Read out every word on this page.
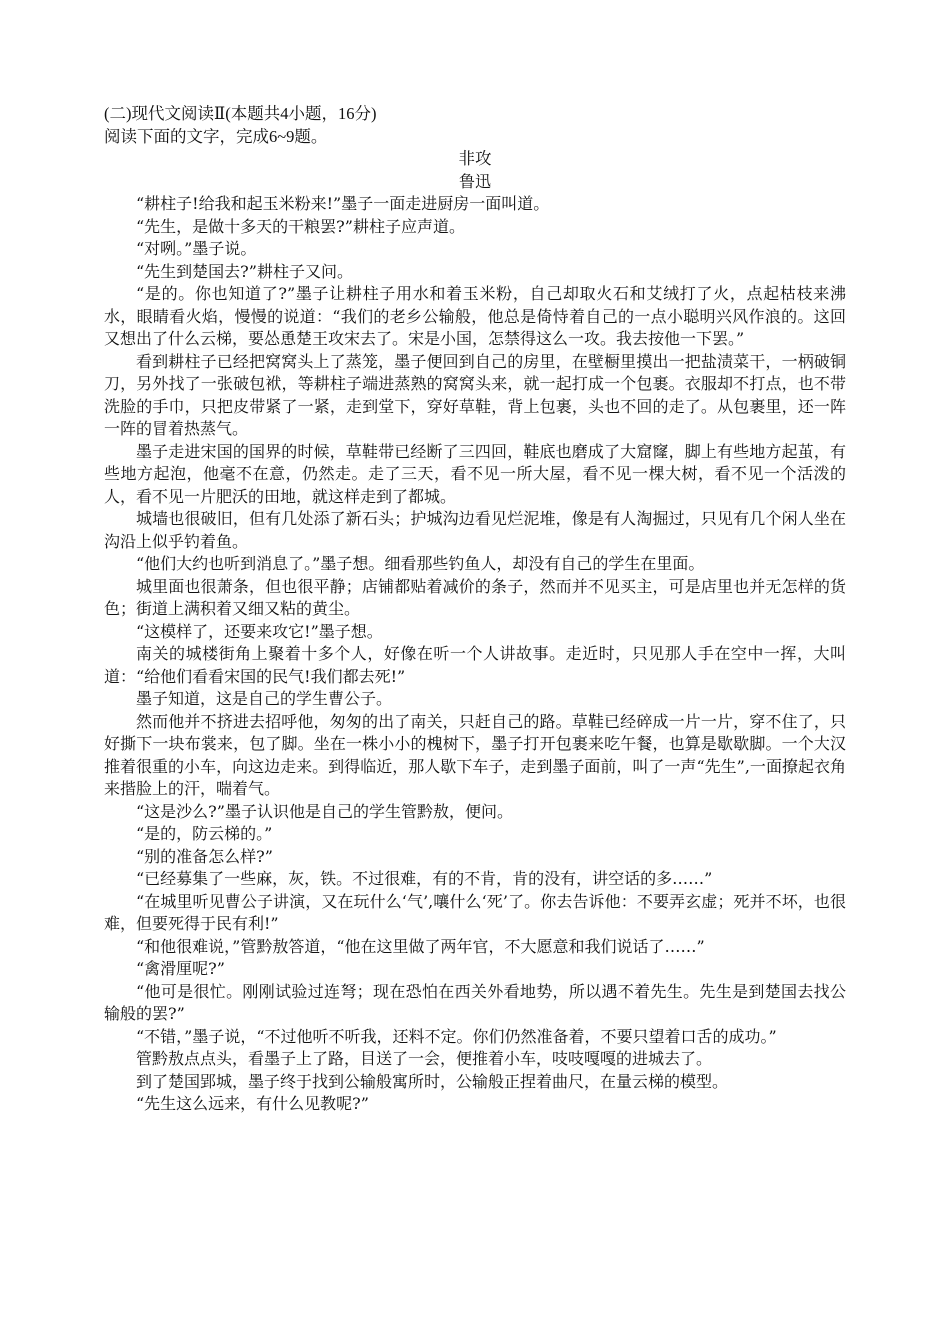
(二)现代文阅读Ⅱ(本题共4小题，16分)

阅读下面的文字，完成6~9题。

非攻

鲁迅

“耕柱子!给我和起玉米粉来!”墨子一面走进厨房一面叫道。

“先生，是做十多天的干粮罢?”耕柱子应声道。

“对咧。”墨子说。

“先生到楚国去?”耕柱子又问。

“是的。你也知道了?”墨子让耕柱子用水和着玉米粉，自己却取火石和艾绒打了火，点起枯枝来沸水，眼睛看火焰，慢慢的说道：“我们的老乡公输般，他总是倚恃着自己的一点小聪明兴风作浪的。这回又想出了什么云梯，要怂恿楚王攻宋去了。宋是小国，怎禁得这么一攻。我去按他一下罢。”

看到耕柱子已经把窝窝头上了蒸笼，墨子便回到自己的房里，在壁橱里摸出一把盐渍菜干，一柄破铜刀，另外找了一张破包袱，等耕柱子端进蒸熟的窝窝头来，就一起打成一个包裹。衣服却不打点，也不带洗脸的手巾，只把皮带紧了一紧，走到堂下，穿好草鞋，背上包裹，头也不回的走了。从包裹里，还一阵一阵的冒着热蒸气。

墨子走进宋国的国界的时候，草鞋带已经断了三四回，鞋底也磨成了大窟窿，脚上有些地方起茧，有些地方起泡，他毫不在意，仍然走。走了三天，看不见一所大屋，看不见一棵大树，看不见一个活泼的人，看不见一片肥沃的田地，就这样走到了都城。

城墙也很破旧，但有几处添了新石头；护城沟边看见烂泥堆，像是有人淘掘过，只见有几个闲人坐在沟沿上似乎钓着鱼。

“他们大约也听到消息了。”墨子想。细看那些钓鱼人，却没有自己的学生在里面。

城里面也很萧条，但也很平静；店铺都贴着减价的条子，然而并不见买主，可是店里也并无怎样的货色；街道上满积着又细又粘的黄尘。

“这模样了，还要来攻它!”墨子想。

南关的城楼街角上聚着十多个人，好像在听一个人讲故事。走近时，只见那人手在空中一挥，大叫道：“给他们看看宋国的民气!我们都去死!”

墨子知道，这是自己的学生曹公子。

然而他并不挤进去招呼他，匆匆的出了南关，只赶自己的路。草鞋已经碎成一片一片，穿不住了，只好撕下一块布裳来，包了脚。坐在一株小小的槐树下，墨子打开包裹来吃午餐，也算是歇歇脚。一个大汉推着很重的小车，向这边走来。到得临近，那人歇下车子，走到墨子面前，叫了一声“先生”,一面撩起衣角来揩脸上的汗，喘着气。

“这是沙么?”墨子认识他是自己的学生管黔敖，便问。

“是的，防云梯的。”

“别的准备怎么样?”

“已经募集了一些麻，灰，铁。不过很难，有的不肯，肯的没有，讲空话的多……”

“在城里听见曹公子讲演，又在玩什么‘气’,嚷什么‘死’了。你去告诉他：不要弄玄虚；死并不坏，也很难，但要死得于民有利!”

“和他很难说，”管黔敖答道，“他在这里做了两年官，不大愿意和我们说话了……”

“禽滑厘呢?”

“他可是很忙。刚刚试验过连弩；现在恐怕在西关外看地势，所以遇不着先生。先生是到楚国去找公输般的罢?”

“不错，”墨子说，“不过他听不听我，还料不定。你们仍然准备着，不要只望着口舌的成功。”

管黔敖点点头，看墨子上了路，目送了一会，便推着小车，吱吱嘎嘎的进城去了。

到了楚国郢城，墨子终于找到公输般寓所时，公输般正捏着曲尺，在量云梯的模型。

“先生这么远来，有什么见教呢?”
